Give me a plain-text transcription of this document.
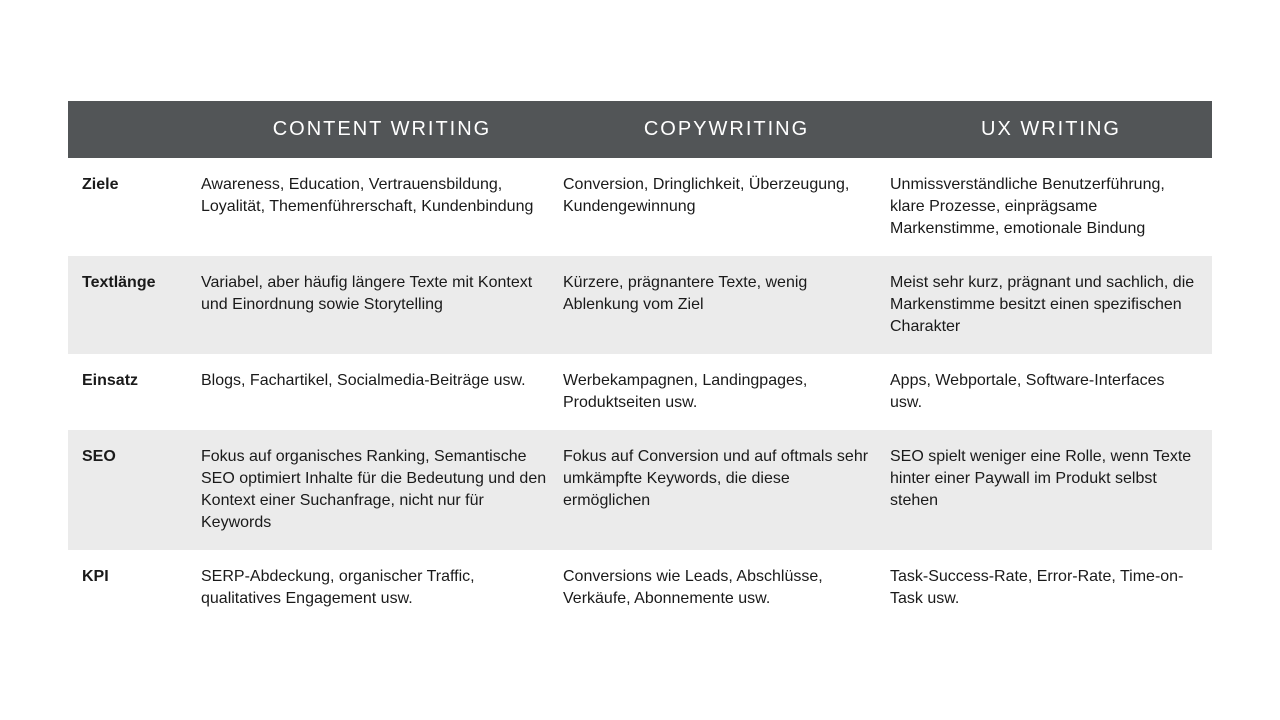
	CONTENT WRITING	COPYWRITING	UX WRITING
Ziele	Awareness, Education, Vertrauensbildung, Loyalität, Themenführerschaft, Kundenbindung	Conversion, Dringlichkeit, Überzeugung, Kundengewinnung	Unmissverständliche Benutzerführung, klare Prozesse, einprägsame Markenstimme, emotionale Bindung
Textlänge	Variabel, aber häufig längere Texte mit Kontext und Einordnung sowie Storytelling	Kürzere, prägnantere Texte, wenig Ablenkung vom Ziel	Meist sehr kurz, prägnant und sachlich, die Markenstimme besitzt einen spezifischen Charakter
Einsatz	Blogs, Fachartikel, Socialmedia-Beiträge usw.	Werbekampagnen, Landingpages, Produktseiten usw.	Apps, Webportale, Software-Interfaces usw.
SEO	Fokus auf organisches Ranking, Semantische SEO optimiert Inhalte für die Bedeutung und den Kontext einer Suchanfrage, nicht nur für Keywords	Fokus auf Conversion und auf oftmals sehr umkämpfte Keywords, die diese ermöglichen	SEO spielt weniger eine Rolle, wenn Texte hinter einer Paywall im Produkt selbst stehen
KPI	SERP-Abdeckung, organischer Traffic, qualitatives Engagement usw.	Conversions wie Leads, Abschlüsse, Verkäufe, Abonnemente usw.	Task-Success-Rate, Error-Rate, Time-on-Task usw.
